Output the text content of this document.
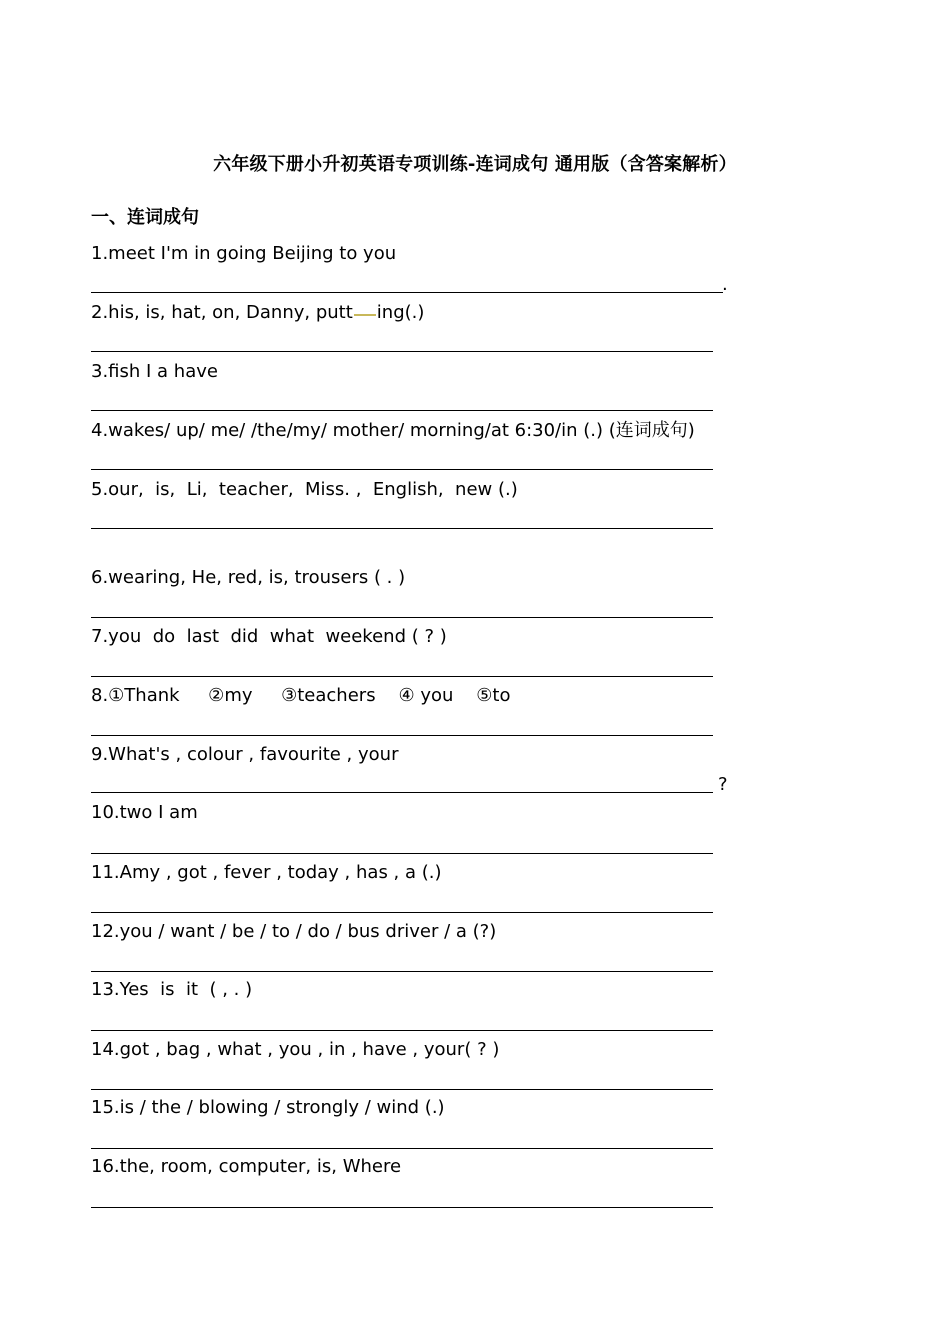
六年级下册小升初英语专项训练-连词成句 通用版（含答案解析）
一、连词成句
1.meet I'm in going Beijing to you
.
2.his, is, hat, on, Danny, putt ing(.)
3.fish I a have
4.wakes/ up/ me/ /the/my/ mother/ morning/at 6:30/in (.) (连词成句)
5.our,  is,  Li,  teacher,  Miss. ,  English,  new (.)
6.wearing, He, red, is, trousers ( . )
7.you  do  last  did  what  weekend ( ? )
8.①Thank     ②my     ③teachers    ④ you    ⑤to
9.What's , colour , favourite , your
?
10.two I am
11.Amy , got , fever , today , has , a (.)
12.you / want / be / to / do / bus driver / a (?)
13.Yes  is  it  ( , . )
14.got , bag , what , you , in , have , your( ? )
15.is / the / blowing / strongly / wind (.)
16.the, room, computer, is, Where
